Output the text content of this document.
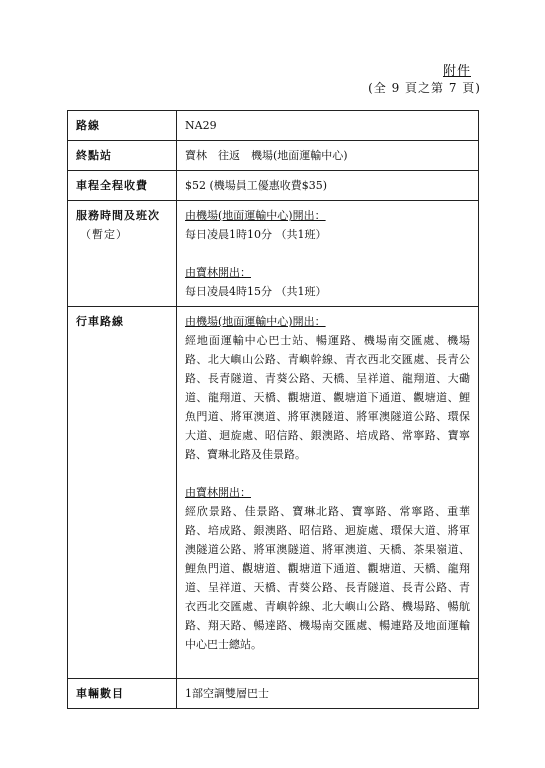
附件
(全 9 頁之第 7 頁)
路線	NA29
終點站	寶林　往返　機場(地面運輸中心)
車程全程收費	$52 (機場員工優惠收費$35)
服務時間及班次
（暫定）	由機場(地面運輸中心)開出：
每日凌晨1時10分 （共1班）
由寶林開出：
每日凌晨4時15分 （共1班）

行車路線	由機場(地面運輸中心)開出：
經地面運輸中心巴士站、暢運路、機場南交匯處、機場路、北大嶼山公路、青嶼幹線、青衣西北交匯處、長青公路、長青隧道、青葵公路、天橋、呈祥道、龍翔道、大磡道、龍翔道、天橋、觀塘道、觀塘道下通道、觀塘道、鯉魚門道、將軍澳道、將軍澳隧道、將軍澳隧道公路、環保大道、迴旋處、昭信路、銀澳路、培成路、常寧路、寶寧路、寶琳北路及佳景路。
由寶林開出：
經欣景路、佳景路、寶琳北路、寶寧路、常寧路、重華路、培成路、銀澳路、昭信路、迴旋處、環保大道、將軍澳隧道公路、將軍澳隧道、將軍澳道、天橋、茶果嶺道、鯉魚門道、觀塘道、觀塘道下通道、觀塘道、天橋、龍翔道、呈祥道、天橋、青葵公路、長青隧道、長青公路、青衣西北交匯處、青嶼幹線、北大嶼山公路、機場路、暢航路、翔天路、暢達路、機場南交匯處、暢連路及地面運輸中心巴士總站。

車輛數目	1部空調雙層巴士
